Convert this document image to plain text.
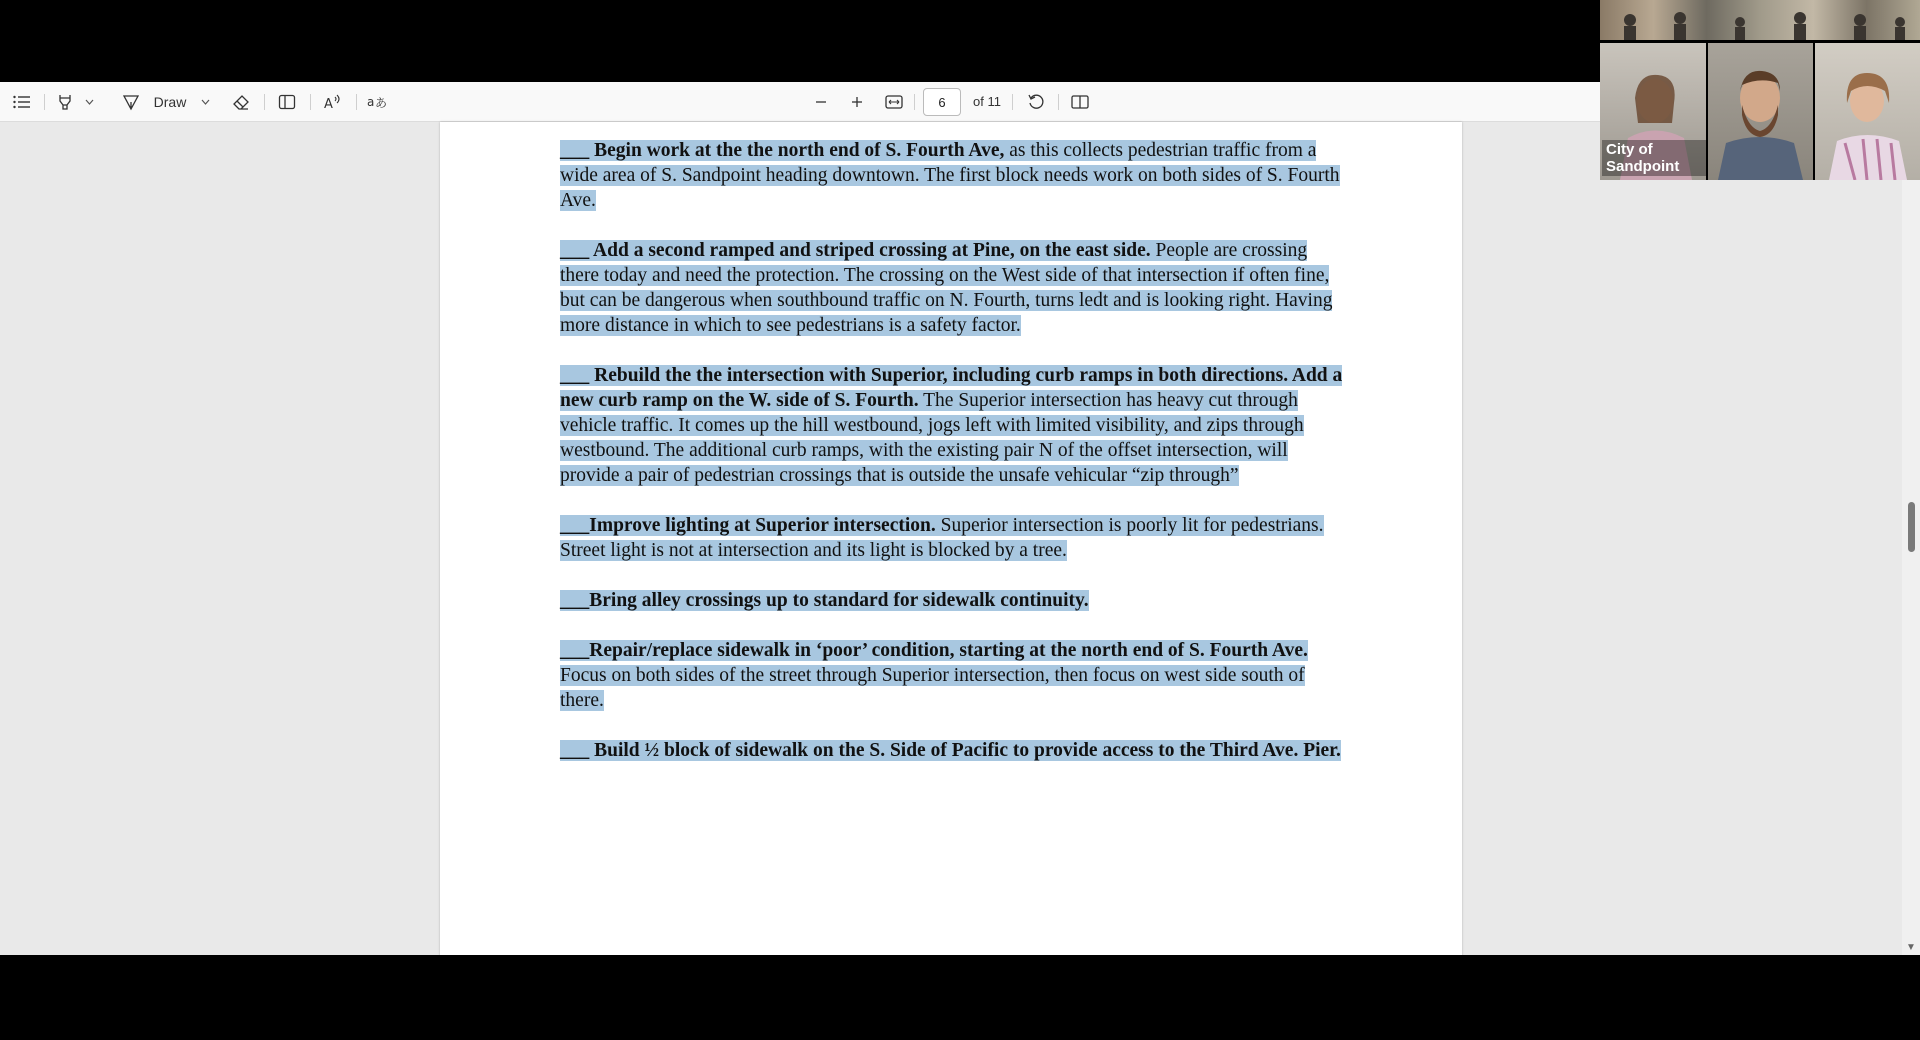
Draw	A	a あ	6	of 11

___ Begin work at the the north end of S. Fourth Ave, as this collects pedestrian traffic from a wide area of S. Sandpoint heading downtown. The first block needs work on both sides of S. Fourth Ave.

___ Add a second ramped and striped crossing at Pine, on the east side. People are crossing there today and need the protection. The crossing on the West side of that intersection if often fine, but can be dangerous when southbound traffic on N. Fourth, turns ledt and is looking right. Having more distance in which to see pedestrians is a safety factor.

___ Rebuild the the intersection with Superior, including curb ramps in both directions. Add a new curb ramp on the W. side of S. Fourth. The Superior intersection has heavy cut through vehicle traffic. It comes up the hill westbound, jogs left with limited visibility, and zips through westbound. The additional curb ramps, with the existing pair N of the offset intersection, will provide a pair of pedestrian crossings that is outside the unsafe vehicular “zip through”

___Improve lighting at Superior intersection. Superior intersection is poorly lit for pedestrians. Street light is not at intersection and its light is blocked by a tree.

___Bring alley crossings up to standard for sidewalk continuity.

___Repair/replace sidewalk in ‘poor’ condition, starting at the north end of S. Fourth Ave. Focus on both sides of the street through Superior intersection, then focus on west side south of there.

___ Build ½ block of sidewalk on the S. Side of Pacific to provide access to the Third Ave. Pier.

▼
City of Sandpoint
